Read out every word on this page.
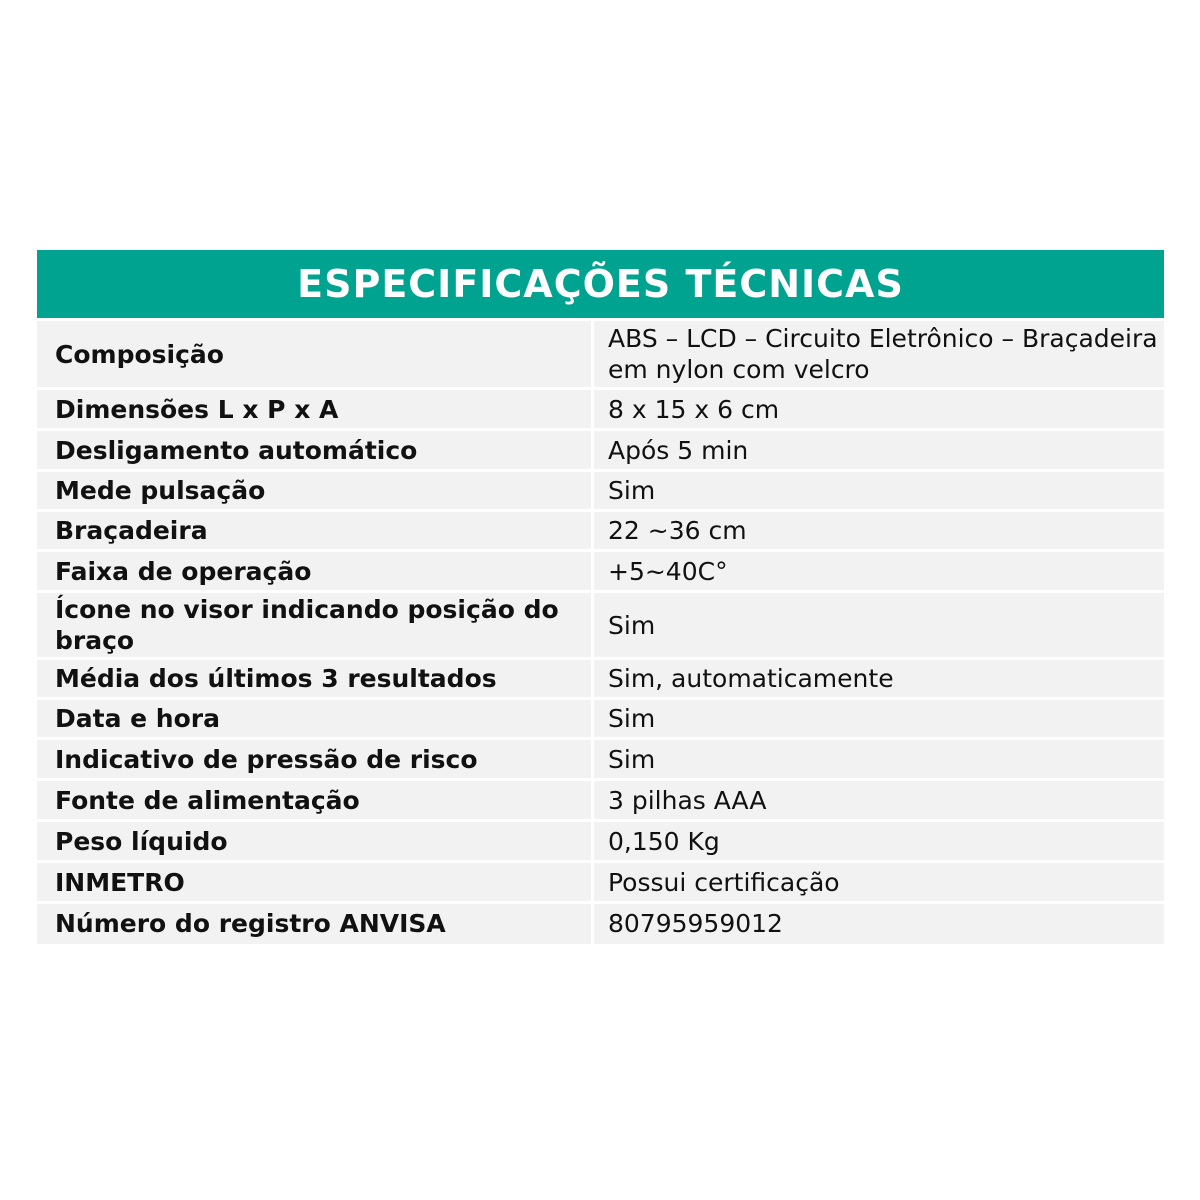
ESPECIFICAÇÕES TÉCNICAS
Composição	ABS – LCD – Circuito Eletrônico – Braçadeira em nylon com velcro
Dimensões L x P x A	8 x 15 x 6 cm
Desligamento automático	Após 5 min
Mede pulsação	Sim
Braçadeira	22 ~36 cm
Faixa de operação	+5~40C°
Ícone no visor indicando posição do braço	Sim
Média dos últimos 3 resultados	Sim, automaticamente
Data e hora	Sim
Indicativo de pressão de risco	Sim
Fonte de alimentação	3 pilhas AAA
Peso líquido	0,150 Kg
INMETRO	Possui certificação
Número do registro ANVISA	80795959012
